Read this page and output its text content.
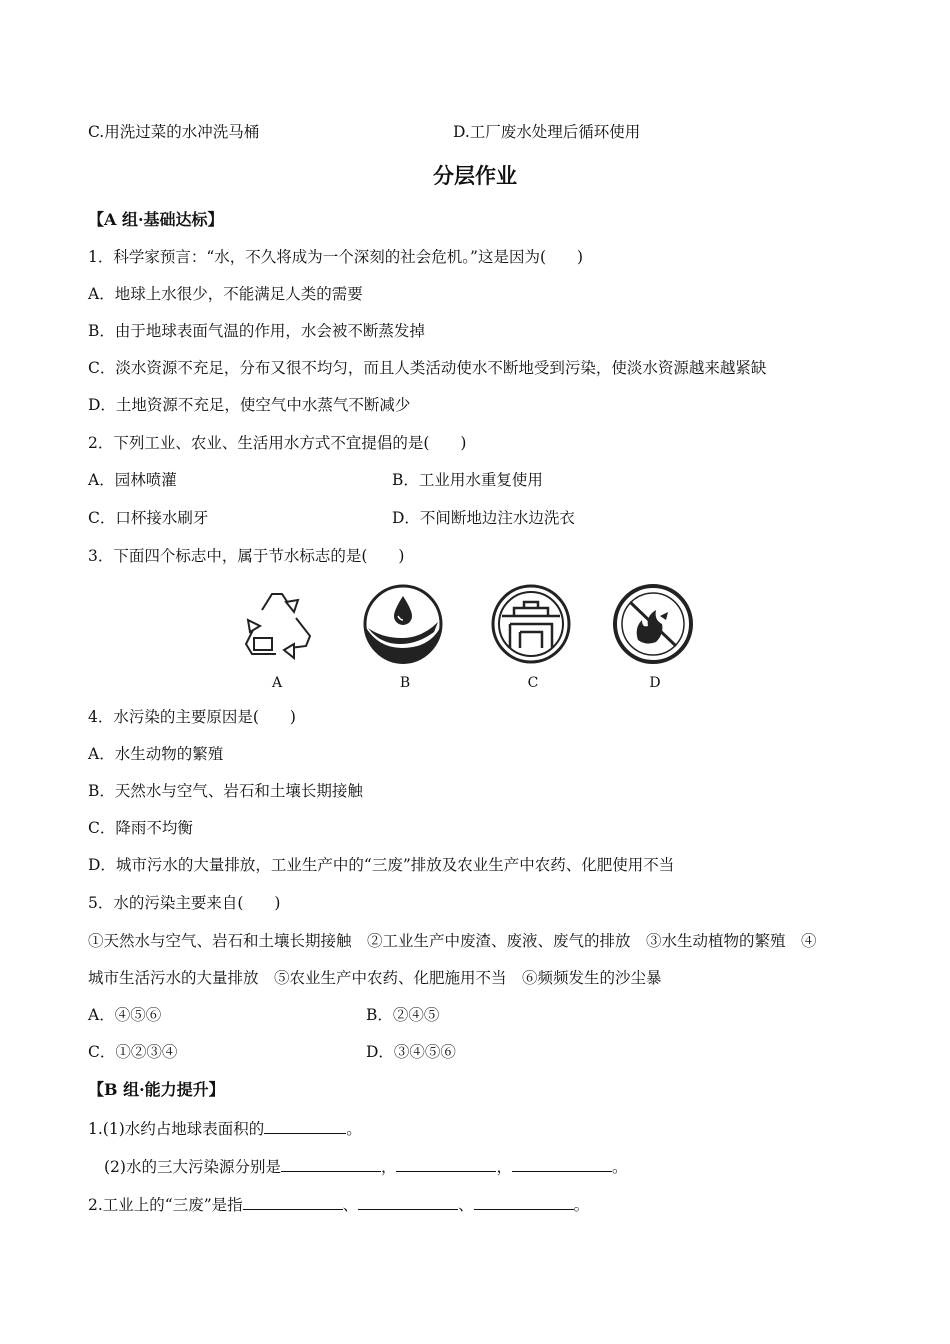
C.用洗过菜的水冲洗马桶	D.工厂废水处理后循环使用
分层作业
【A 组·基础达标】
1．科学家预言：“水，不久将成为一个深刻的社会危机。”这是因为(　　)
A．地球上水很少，不能满足人类的需要
B．由于地球表面气温的作用，水会被不断蒸发掉
C．淡水资源不充足，分布又很不均匀，而且人类活动使水不断地受到污染，使淡水资源越来越紧缺
D．土地资源不充足，使空气中水蒸气不断减少
2．下列工业、农业、生活用水方式不宜提倡的是(　　)
A．园林喷灌	B．工业用水重复使用
C．口杯接水刷牙	D．不间断地边注水边洗衣
3．下面四个标志中，属于节水标志的是(　　)
A	B	C	D
4．水污染的主要原因是(　　)
A．水生动物的繁殖
B．天然水与空气、岩石和土壤长期接触
C．降雨不均衡
D．城市污水的大量排放，工业生产中的“三废”排放及农业生产中农药、化肥使用不当
5．水的污染主要来自(　　)
①天然水与空气、岩石和土壤长期接触　②工业生产中废渣、废液、废气的排放　③水生动植物的繁殖　④
城市生活污水的大量排放　⑤农业生产中农药、化肥施用不当　⑥频频发生的沙尘暴
A．④⑤⑥	B．②④⑤
C．①②③④	D．③④⑤⑥
【B 组·能力提升】
1.(1)水约占地球表面积的	。
(2)水的三大污染源分别是	，	，	。
2.工业上的“三废”是指	、	、	。
